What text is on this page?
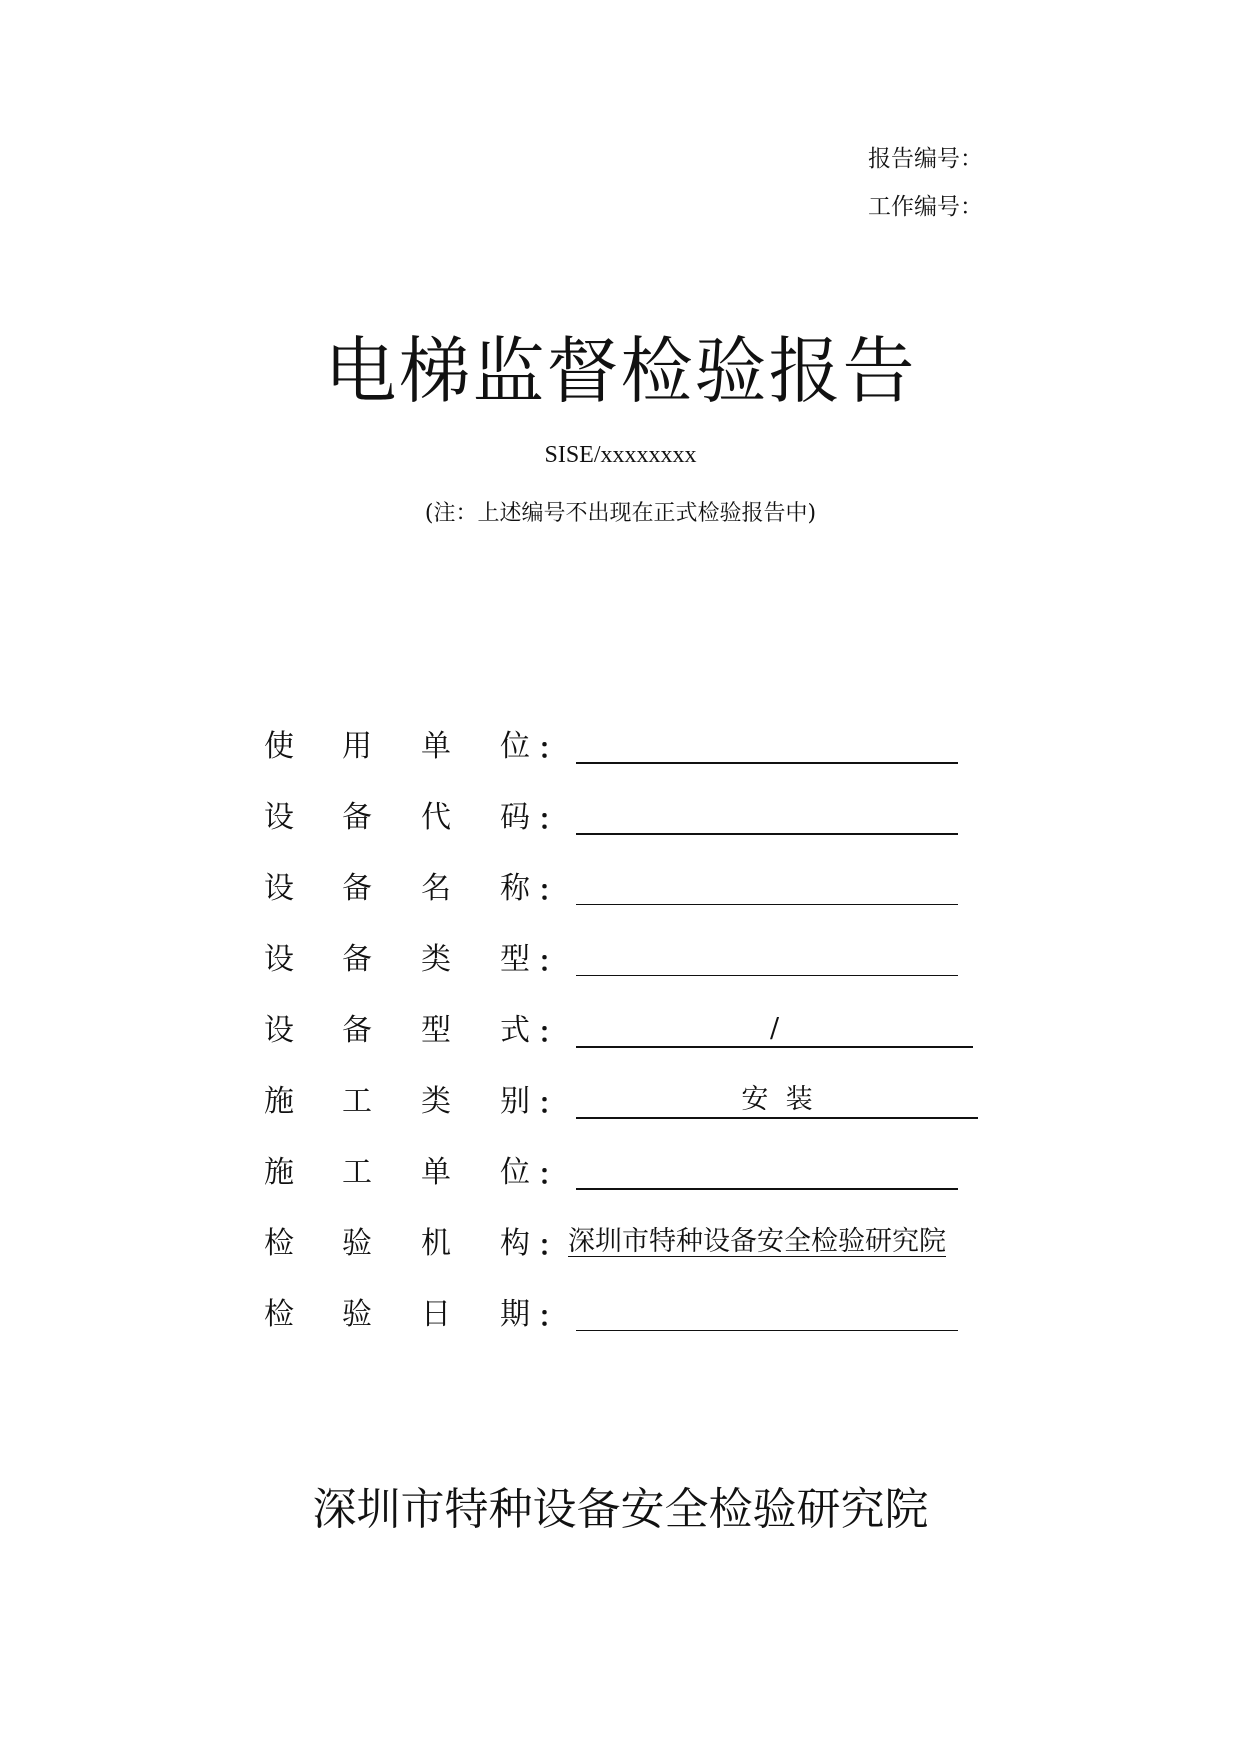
报告编号：
工作编号：
电梯监督检验报告
SISE/xxxxxxxx
(注：上述编号不出现在正式检验报告中)
使 用 单 位 ：
设 备 代 码 ：
设 备 名 称 ：
设 备 类 型 ：
设 备 型 式 ：	/
施 工 类 别 ：	安  装
施 工 单 位 ：
检 验 机 构 ： 深圳市特种设备安全检验研究院
检 验 日 期 ：
深圳市特种设备安全检验研究院
